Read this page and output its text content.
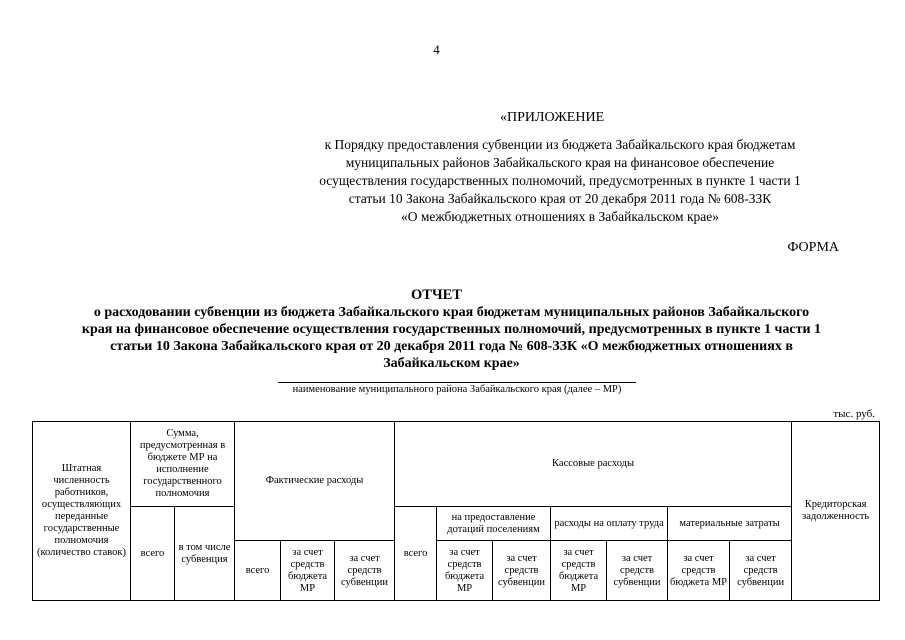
4
«ПРИЛОЖЕНИЕ
к Порядку предоставления субвенции из бюджета Забайкальского края бюджетам
муниципальных районов Забайкальского края на финансовое обеспечение
осуществления государственных полномочий, предусмотренных в пункте 1 части 1
статьи 10 Закона Забайкальского края от 20 декабря 2011 года № 608-ЗЗК
«О межбюджетных отношениях в Забайкальском крае»
ФОРМА
ОТЧЕТ
о расходовании субвенции из бюджета Забайкальского края бюджетам муниципальных районов Забайкальского
края на финансовое обеспечение осуществления государственных полномочий, предусмотренных в пункте 1 части 1
статьи 10 Закона Забайкальского края от 20 декабря 2011 года № 608-ЗЗК «О межбюджетных отношениях в
Забайкальском крае»
наименование муниципального района Забайкальского края (далее – МР)
тыс. руб.
Штатная численность работников, осуществляющих переданные государственные полномочия (количество ставок)	Сумма, предусмотренная в бюджете МР на исполнение государственного полномочия		Фактические расходы			Кассовые расходы							Кредиторская задолженность
	всего	в том числе субвенция				всего	на предоставление дотаций поселениям		расходы на оплату труда		материальные затраты		
			всего	за счет средств бюджета МР	за счет средств субвенции		за счет средств бюджета МР	за счет средств субвенции	за счет средств бюджета МР	за счет средств субвенции	за счет средств бюджета МР	за счет средств субвенции	
